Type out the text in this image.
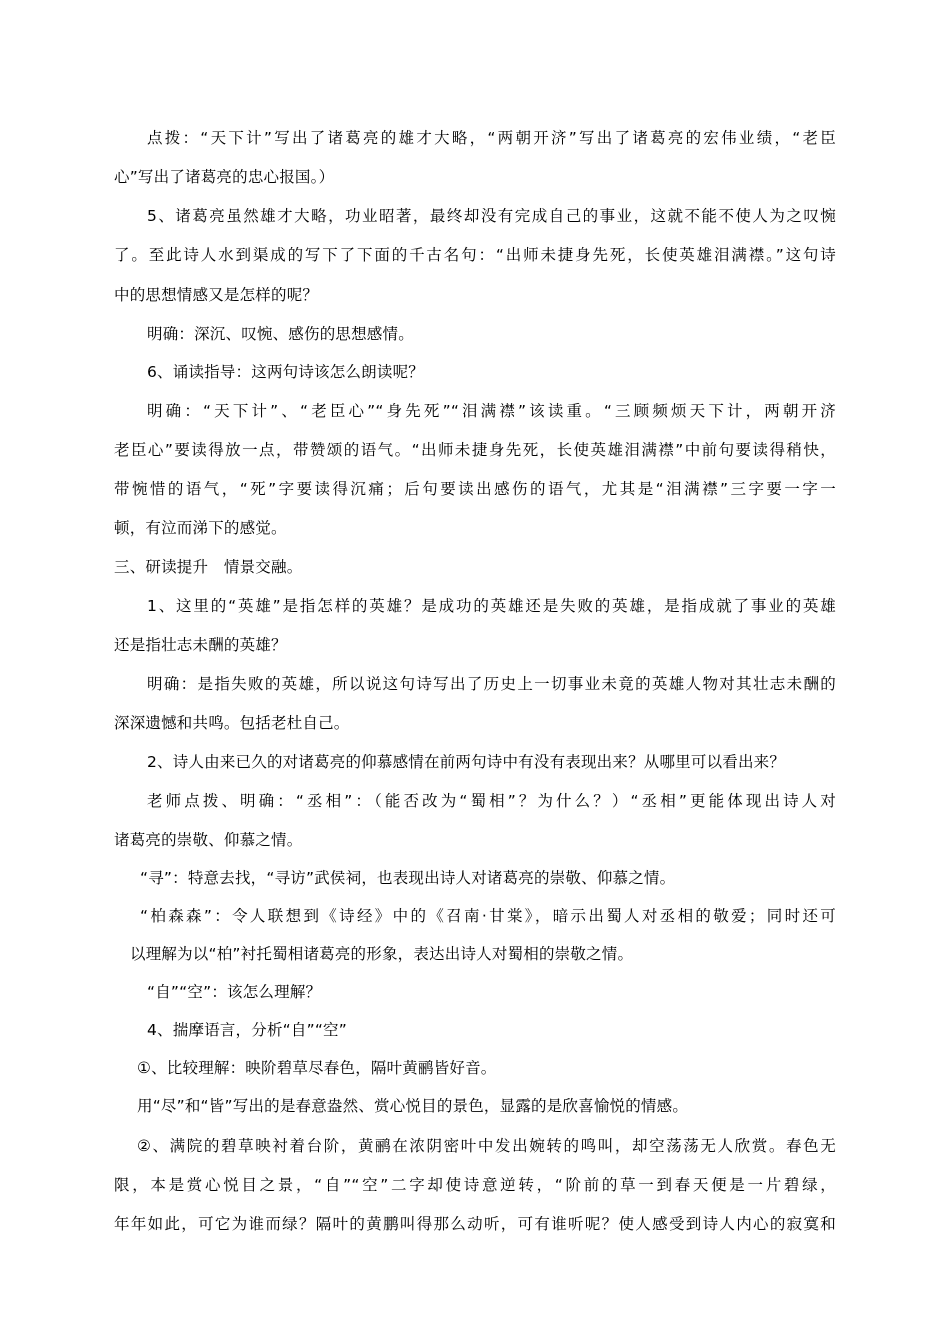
点拨：“天下计”写出了诸葛亮的雄才大略，“两朝开济”写出了诸葛亮的宏伟业绩，“老臣
心”写出了诸葛亮的忠心报国。）
5、诸葛亮虽然雄才大略，功业昭著，最终却没有完成自己的事业，这就不能不使人为之叹惋
了。至此诗人水到渠成的写下了下面的千古名句：“出师未捷身先死，长使英雄泪满襟。”这句诗
中的思想情感又是怎样的呢？
明确：深沉、叹惋、感伤的思想感情。
6、诵读指导：这两句诗该怎么朗读呢？
明确：“天下计”、“老臣心”“身先死”“泪满襟”该读重。“三顾频烦天下计，两朝开济
老臣心”要读得放一点，带赞颂的语气。“出师未捷身先死，长使英雄泪满襟”中前句要读得稍快，
带惋惜的语气，“死”字要读得沉痛；后句要读出感伤的语气，尤其是“泪满襟”三字要一字一
顿，有泣而涕下的感觉。
三、研读提升　情景交融。
1、这里的“英雄”是指怎样的英雄？是成功的英雄还是失败的英雄，是指成就了事业的英雄
还是指壮志未酬的英雄？
明确：是指失败的英雄，所以说这句诗写出了历史上一切事业未竟的英雄人物对其壮志未酬的
深深遗憾和共鸣。包括老杜自己。
2、诗人由来已久的对诸葛亮的仰慕感情在前两句诗中有没有表现出来？从哪里可以看出来？
老师点拨、明确：“丞相”：（能否改为“蜀相”？为什么？）“丞相”更能体现出诗人对
诸葛亮的崇敬、仰慕之情。
“寻”：特意去找，“寻访”武侯祠，也表现出诗人对诸葛亮的崇敬、仰慕之情。
“柏森森”：令人联想到《诗经》中的《召南·甘棠》，暗示出蜀人对丞相的敬爱；同时还可
以理解为以“柏”衬托蜀相诸葛亮的形象，表达出诗人对蜀相的崇敬之情。
“自”“空”：该怎么理解？
4、揣摩语言，分析“自”“空”
①、比较理解：映阶碧草尽春色，隔叶黄鹂皆好音。
用“尽”和“皆”写出的是春意盎然、赏心悦目的景色，显露的是欣喜愉悦的情感。
②、满院的碧草映衬着台阶，黄鹂在浓阴密叶中发出婉转的鸣叫，却空荡荡无人欣赏。春色无
限，本是赏心悦目之景，“自”“空”二字却使诗意逆转，“阶前的草一到春天便是一片碧绿，
年年如此，可它为谁而绿？隔叶的黄鹏叫得那么动听，可有谁听呢？使人感受到诗人内心的寂寞和
